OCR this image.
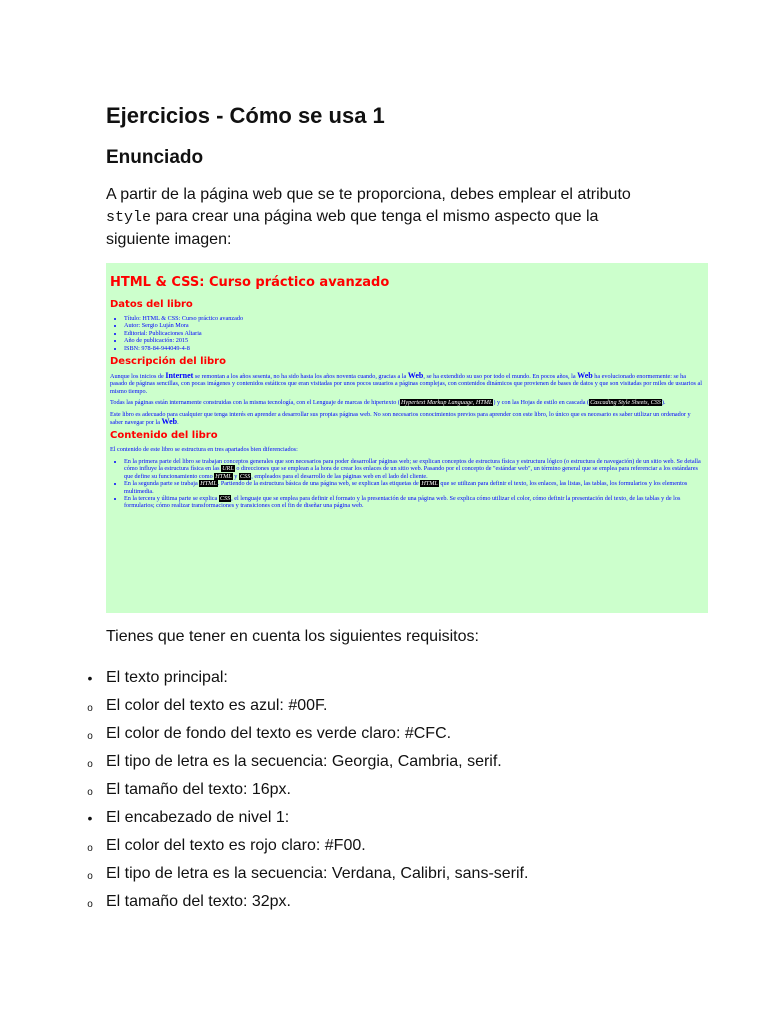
Ejercicios - Cómo se usa 1
Enunciado

A partir de la página web que se te proporciona, debes emplear el atributo style para crear una página web que tenga el mismo aspecto que la siguiente imagen:

HTML & CSS: Curso práctico avanzado
Datos del libro
• Título: HTML & CSS: Curso práctico avanzado
• Autor: Sergio Luján Mora
• Editorial: Publicaciones Altaria
• Año de publicación: 2015
• ISBN: 978-84-944049-4-8
Descripción del libro

Aunque los inicios de Internet se remontan a los años sesenta, no ha sido hasta los años noventa cuando, gracias a la Web, se ha extendido su uso por todo el mundo. En pocos años, la Web ha evolucionado enormemente: se ha pasado de páginas sencillas, con pocas imágenes y contenidos estáticos que eran visitadas por unos pocos usuarios a páginas complejas, con contenidos dinámicos que provienen de bases de datos y que son visitadas por miles de usuarios al mismo tiempo.

Todas las páginas están internamente construidas con la misma tecnología, con el Lenguaje de marcas de hipertexto (Hypertext Markup Language, HTML) y con las Hojas de estilo en cascada (Cascading Style Sheets, CSS).

Este libro es adecuado para cualquier que tenga interés en aprender a desarrollar sus propias páginas web. No son necesarios conocimientos previos para aprender con este libro, lo único que es necesario es saber utilizar un ordenador y saber navegar por la Web.

Contenido del libro

El contenido de este libro se estructura en tres apartados bien diferenciados:

• En la primera parte del libro se trabajan conceptos generales que son necesarios para poder desarrollar páginas web; se explican conceptos de estructura física y estructura lógico (o estructura de navegación) de un sitio web. Se detalla cómo influye la estructura física en las URL o direcciones que se emplean a la hora de crear los enlaces de un sitio web. Pasando por el concepto de "estándar web", un término general que se emplea para referenciar a los estándares que define su funcionamiento como HTML y CSS, empleados para el desarrollo de las páginas web en el lado del cliente.
• En la segunda parte se trabaja HTML. Partiendo de la estructura básica de una página web, se explican las etiquetas de HTML que se utilizan para definir el texto, los enlaces, las listas, las tablas, los formularios y los elementos multimedia.
• En la tercera y última parte se explica CSS, el lenguaje que se emplea para definir el formato y la presentación de una página web. Se explica cómo utilizar el color, cómo definir la presentación del texto, de las tablas y de los formularios; cómo realizar transformaciones y transiciones con el fin de diseñar una página web.

Tienes que tener en cuenta los siguientes requisitos:

• El texto principal:
o El color del texto es azul: #00F.
o El color de fondo del texto es verde claro: #CFC.
o El tipo de letra es la secuencia: Georgia, Cambria, serif.
o El tamaño del texto: 16px.
• El encabezado de nivel 1:
o El color del texto es rojo claro: #F00.
o El tipo de letra es la secuencia: Verdana, Calibri, sans-serif.
o El tamaño del texto: 32px.
